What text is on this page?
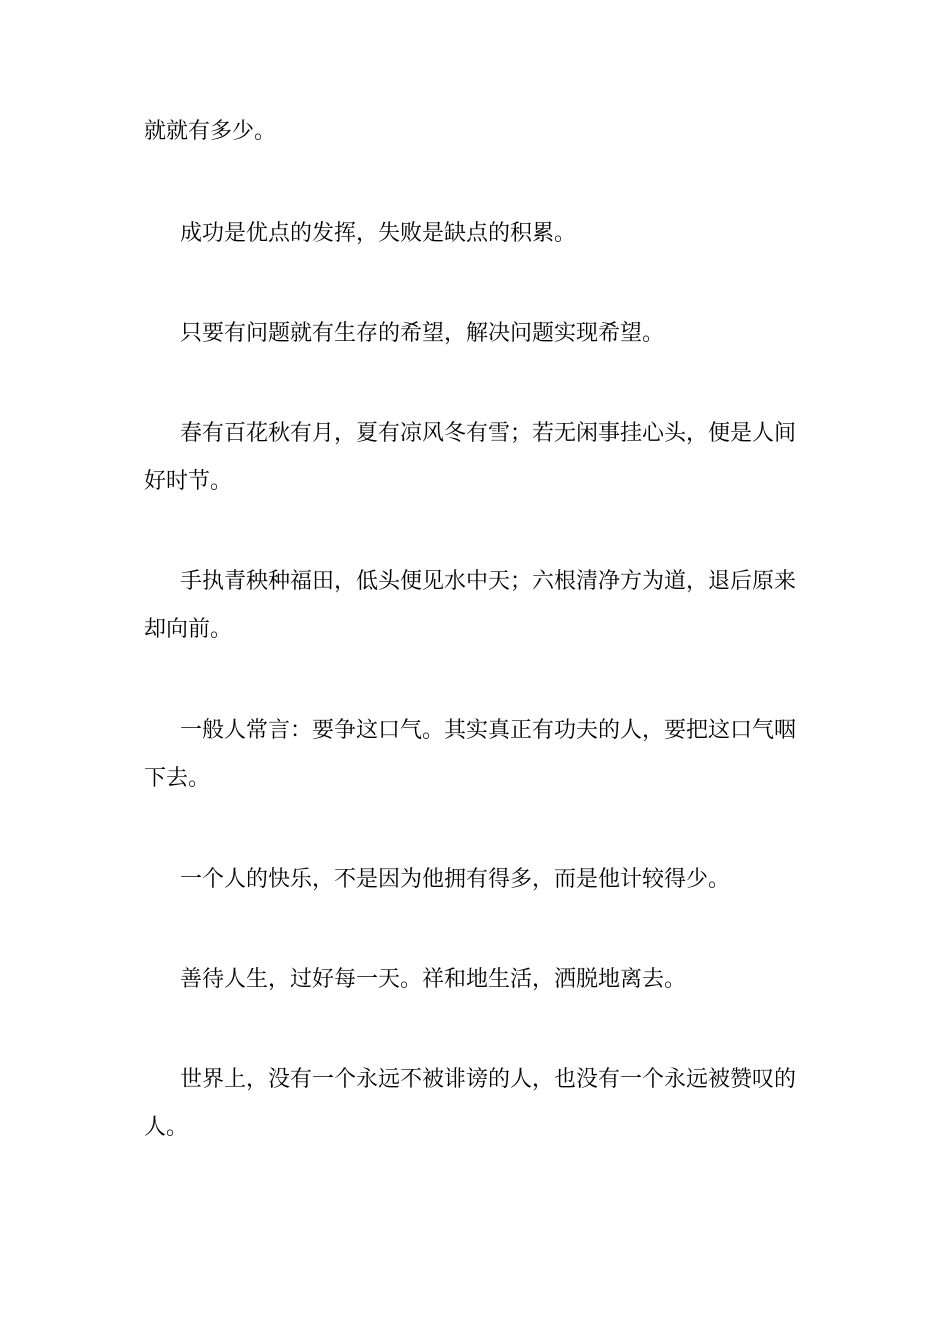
就就有多少。

成功是优点的发挥，失败是缺点的积累。

只要有问题就有生存的希望，解决问题实现希望。

春有百花秋有月，夏有凉风冬有雪；若无闲事挂心头，便是人间好时节。

手执青秧种福田，低头便见水中天；六根清净方为道，退后原来却向前。

一般人常言：要争这口气。其实真正有功夫的人，要把这口气咽下去。

一个人的快乐，不是因为他拥有得多，而是他计较得少。

善待人生，过好每一天。祥和地生活，洒脱地离去。

世界上，没有一个永远不被诽谤的人，也没有一个永远被赞叹的人。
